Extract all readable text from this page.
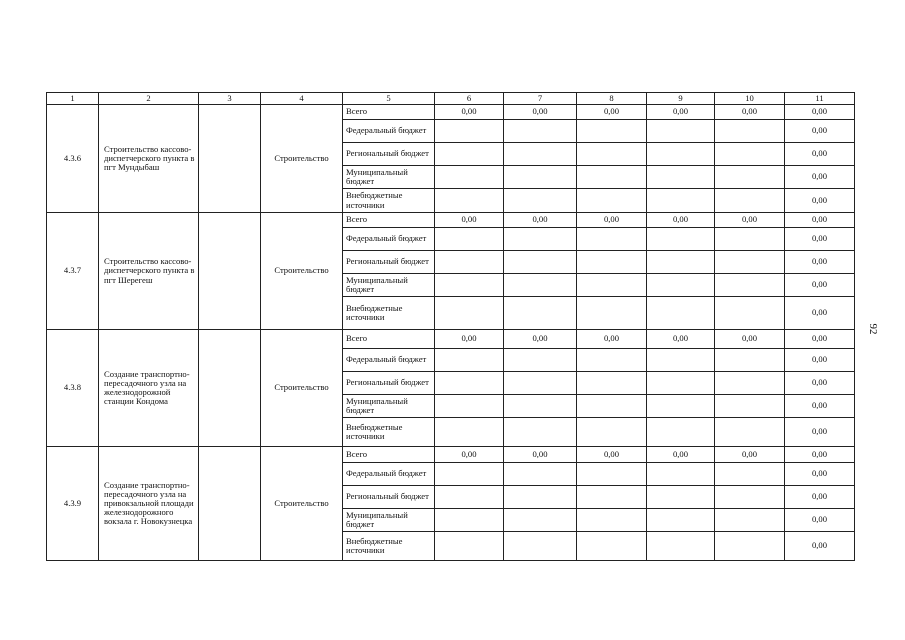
1	2	3	4	5	6	7	8	9	10	11
4.3.6	Строительство кассово-диспетчерского пункта в пгт Мундыбаш		Строительство	Всего	0,00	0,00	0,00	0,00	0,00	0,00
				Федеральный бюджет						0,00
				Региональный бюджет						0,00
				Муниципальный бюджет						0,00
				Внебюджетные источники						0,00
4.3.7	Строительство кассово-диспетчерского пункта в пгт Шерегеш		Строительство	Всего	0,00	0,00	0,00	0,00	0,00	0,00
				Федеральный бюджет						0,00
				Региональный бюджет						0,00
				Муниципальный бюджет						0,00
				Внебюджетные источники						0,00
4.3.8	Создание транспортно-пересадочного узла на железнодорожной станции Кондома		Строительство	Всего	0,00	0,00	0,00	0,00	0,00	0,00
				Федеральный бюджет						0,00
				Региональный бюджет						0,00
				Муниципальный бюджет						0,00
				Внебюджетные источники						0,00
4.3.9	Создание транспортно-пересадочного узла на привокзальной площади железнодорожного вокзала г. Новокузнецка		Строительство	Всего	0,00	0,00	0,00	0,00	0,00	0,00
				Федеральный бюджет						0,00
				Региональный бюджет						0,00
				Муниципальный бюджет						0,00
				Внебюджетные источники						0,00
92
